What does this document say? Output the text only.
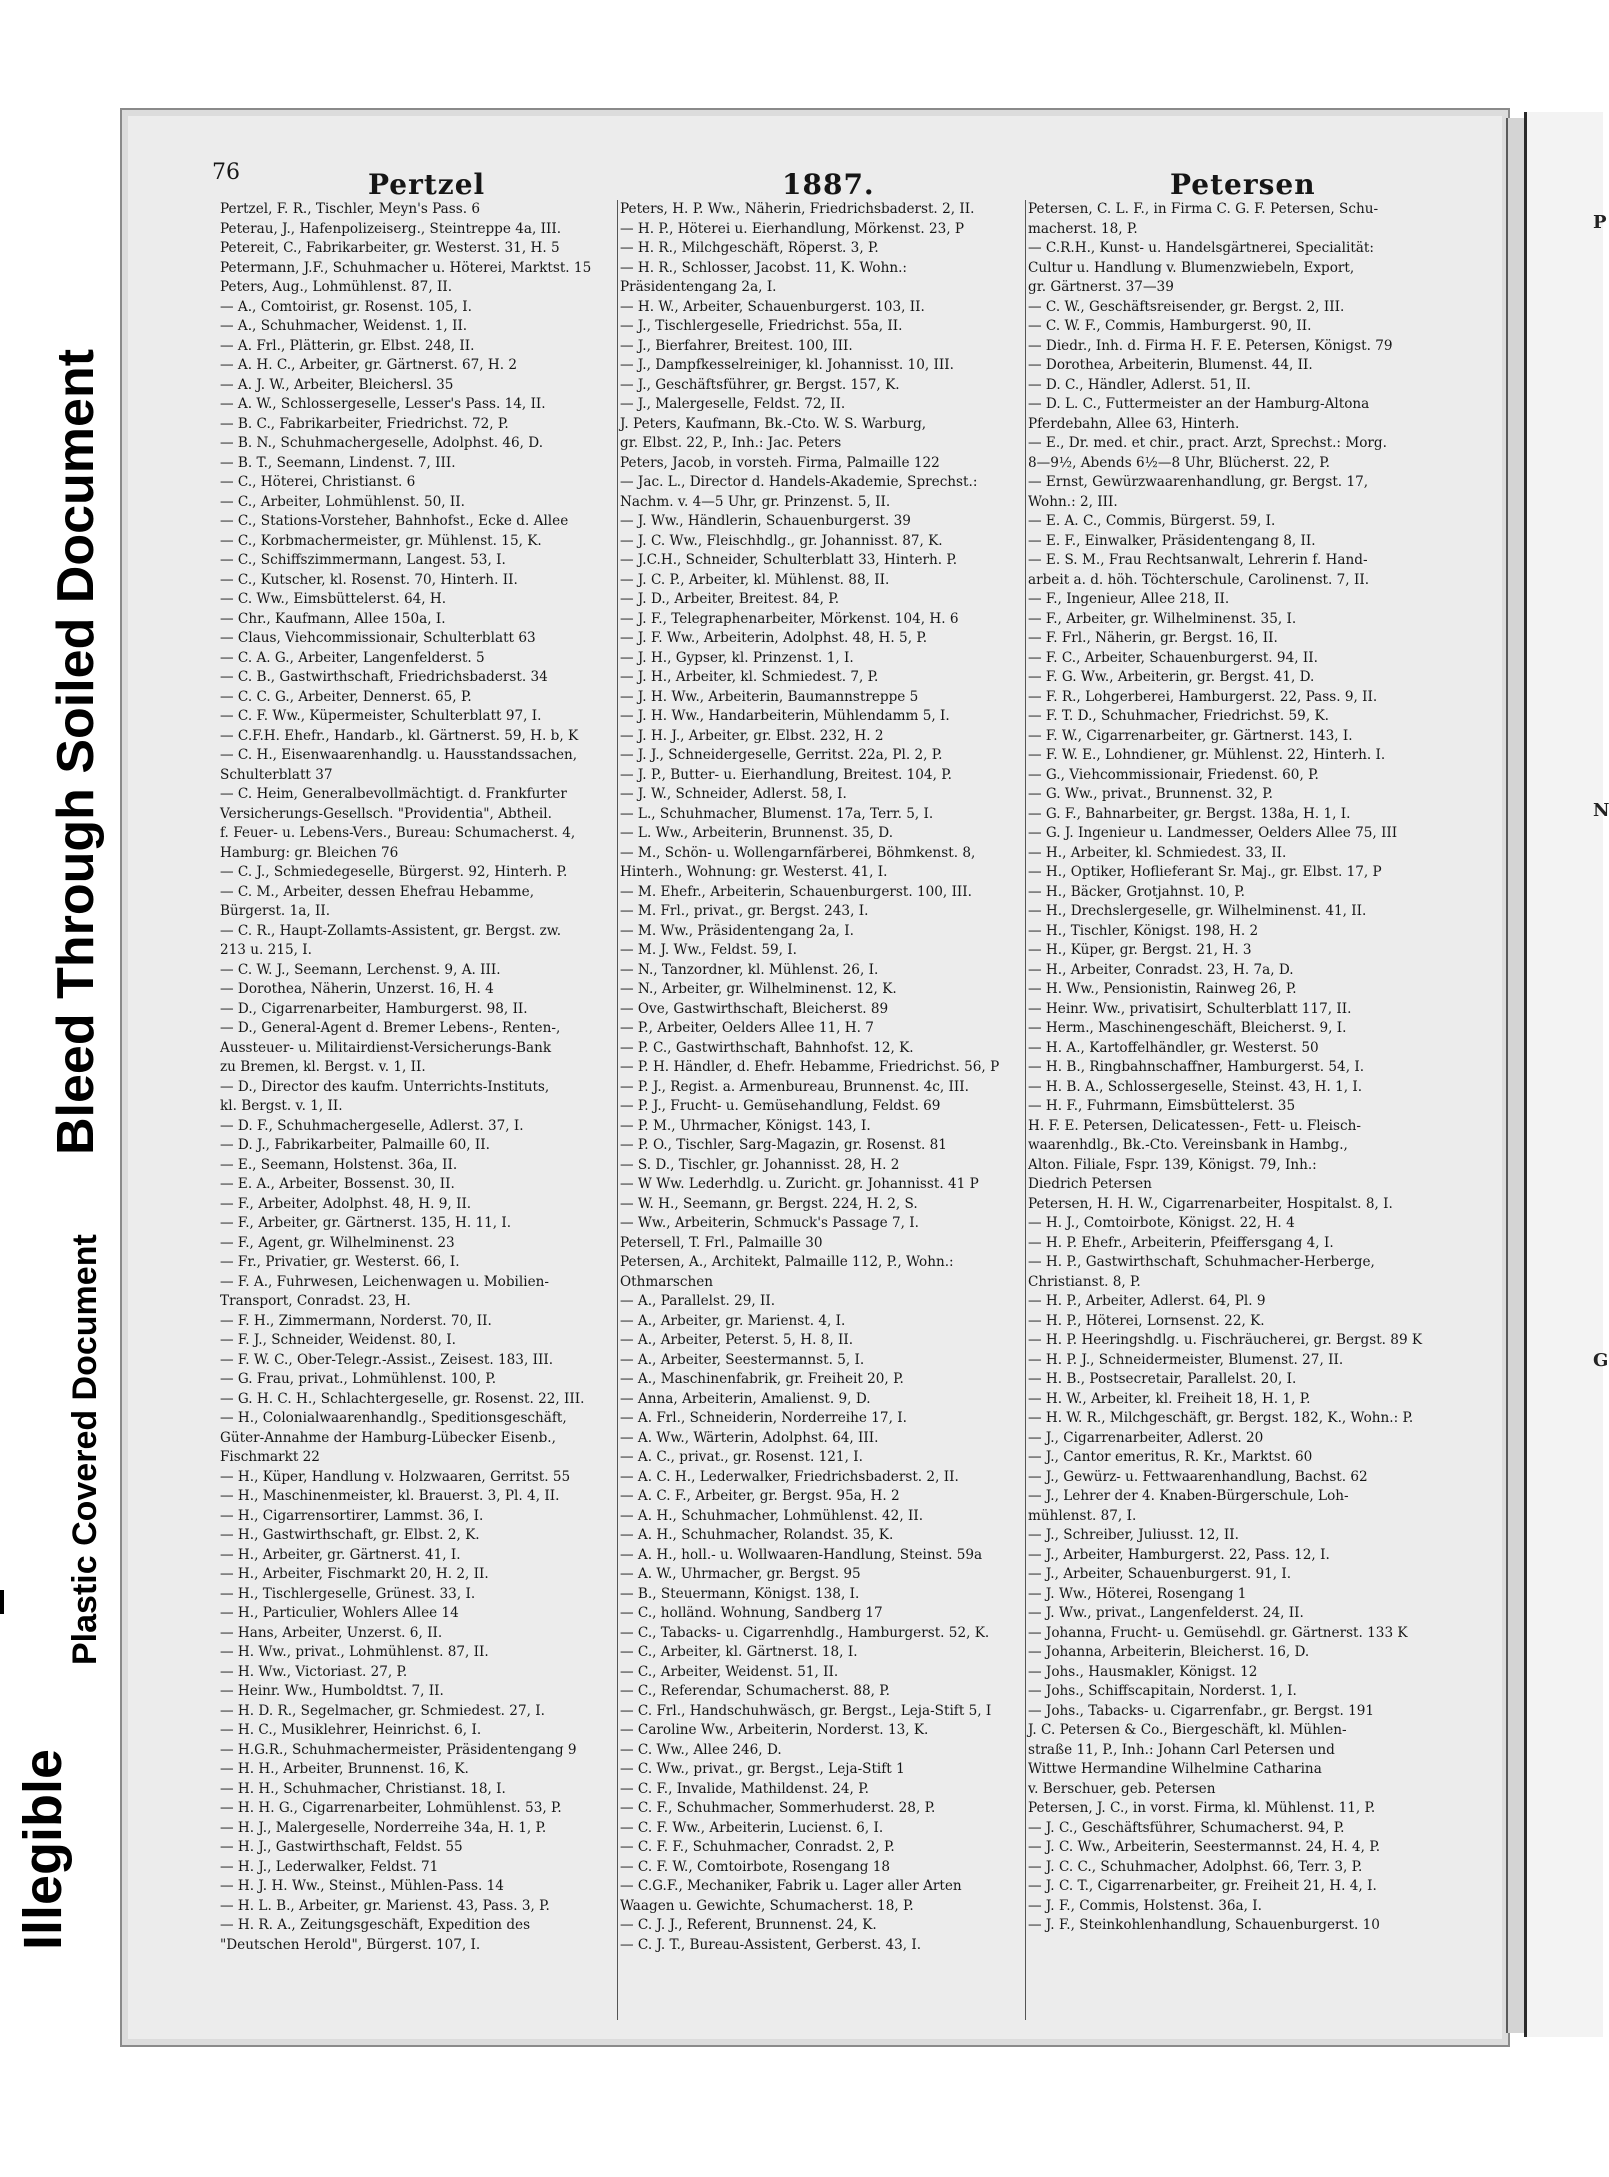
Illegible
Plastic Covered Document
Bleed Through Soiled Document
P
N
G
76	Pertzel	1887.	Petersen
Pertzel, F. R., Tischler, Meyn's Pass. 6
Peterau, J., Hafenpolizeiserg., Steintreppe 4a, III.
Petereit, C., Fabrikarbeiter, gr. Westerst. 31, H. 5
Petermann, J.F., Schuhmacher u. Höterei, Marktst. 15
Peters, Aug., Lohmühlenst. 87, II.
— A., Comtoirist, gr. Rosenst. 105, I.
— A., Schuhmacher, Weidenst. 1, II.
— A. Frl., Plätterin, gr. Elbst. 248, II.
— A. H. C., Arbeiter, gr. Gärtnerst. 67, H. 2
— A. J. W., Arbeiter, Bleichersl. 35
— A. W., Schlossergeselle, Lesser's Pass. 14, II.
— B. C., Fabrikarbeiter, Friedrichst. 72, P.
— B. N., Schuhmachergeselle, Adolphst. 46, D.
— B. T., Seemann, Lindenst. 7, III.
— C., Höterei, Christianst. 6
— C., Arbeiter, Lohmühlenst. 50, II.
— C., Stations-Vorsteher, Bahnhofst., Ecke d. Allee
— C., Korbmachermeister, gr. Mühlenst. 15, K.
— C., Schiffszimmermann, Langest. 53, I.
— C., Kutscher, kl. Rosenst. 70, Hinterh. II.
— C. Ww., Eimsbüttelerst. 64, H.
— Chr., Kaufmann, Allee 150a, I.
— Claus, Viehcommissionair, Schulterblatt 63
— C. A. G., Arbeiter, Langenfelderst. 5
— C. B., Gastwirthschaft, Friedrichsbaderst. 34
— C. C. G., Arbeiter, Dennerst. 65, P.
— C. F. Ww., Küpermeister, Schulterblatt 97, I.
— C.F.H. Ehefr., Handarb., kl. Gärtnerst. 59, H. b, K
— C. H., Eisenwaarenhandlg. u. Hausstandssachen,
Schulterblatt 37
— C. Heim, Generalbevollmächtigt. d. Frankfurter
Versicherungs-Gesellsch. "Providentia", Abtheil.
f. Feuer- u. Lebens-Vers., Bureau: Schumacherst. 4,
Hamburg: gr. Bleichen 76
— C. J., Schmiedegeselle, Bürgerst. 92, Hinterh. P.
— C. M., Arbeiter, dessen Ehefrau Hebamme,
Bürgerst. 1a, II.
— C. R., Haupt-Zollamts-Assistent, gr. Bergst. zw.
213 u. 215, I.
— C. W. J., Seemann, Lerchenst. 9, A. III.
— Dorothea, Näherin, Unzerst. 16, H. 4
— D., Cigarrenarbeiter, Hamburgerst. 98, II.
— D., General-Agent d. Bremer Lebens-, Renten-,
Aussteuer- u. Militairdienst-Versicherungs-Bank
zu Bremen, kl. Bergst. v. 1, II.
— D., Director des kaufm. Unterrichts-Instituts,
kl. Bergst. v. 1, II.
— D. F., Schuhmachergeselle, Adlerst. 37, I.
— D. J., Fabrikarbeiter, Palmaille 60, II.
— E., Seemann, Holstenst. 36a, II.
— E. A., Arbeiter, Bossenst. 30, II.
— F., Arbeiter, Adolphst. 48, H. 9, II.
— F., Arbeiter, gr. Gärtnerst. 135, H. 11, I.
— F., Agent, gr. Wilhelminenst. 23
— Fr., Privatier, gr. Westerst. 66, I.
— F. A., Fuhrwesen, Leichenwagen u. Mobilien-
Transport, Conradst. 23, H.
— F. H., Zimmermann, Norderst. 70, II.
— F. J., Schneider, Weidenst. 80, I.
— F. W. C., Ober-Telegr.-Assist., Zeisest. 183, III.
— G. Frau, privat., Lohmühlenst. 100, P.
— G. H. C. H., Schlachtergeselle, gr. Rosenst. 22, III.
— H., Colonialwaarenhandlg., Speditionsgeschäft,
Güter-Annahme der Hamburg-Lübecker Eisenb.,
Fischmarkt 22
— H., Küper, Handlung v. Holzwaaren, Gerritst. 55
— H., Maschinenmeister, kl. Brauerst. 3, Pl. 4, II.
— H., Cigarrensortirer, Lammst. 36, I.
— H., Gastwirthschaft, gr. Elbst. 2, K.
— H., Arbeiter, gr. Gärtnerst. 41, I.
— H., Arbeiter, Fischmarkt 20, H. 2, II.
— H., Tischlergeselle, Grünest. 33, I.
— H., Particulier, Wohlers Allee 14
— Hans, Arbeiter, Unzerst. 6, II.
— H. Ww., privat., Lohmühlenst. 87, II.
— H. Ww., Victoriast. 27, P.
— Heinr. Ww., Humboldtst. 7, II.
— H. D. R., Segelmacher, gr. Schmiedest. 27, I.
— H. C., Musiklehrer, Heinrichst. 6, I.
— H.G.R., Schuhmachermeister, Präsidentengang 9
— H. H., Arbeiter, Brunnenst. 16, K.
— H. H., Schuhmacher, Christianst. 18, I.
— H. H. G., Cigarrenarbeiter, Lohmühlenst. 53, P.
— H. J., Malergeselle, Norderreihe 34a, H. 1, P.
— H. J., Gastwirthschaft, Feldst. 55
— H. J., Lederwalker, Feldst. 71
— H. J. H. Ww., Steinst., Mühlen-Pass. 14
— H. L. B., Arbeiter, gr. Marienst. 43, Pass. 3, P.
— H. R. A., Zeitungsgeschäft, Expedition des
"Deutschen Herold", Bürgerst. 107, I.
Peters, H. P. Ww., Näherin, Friedrichsbaderst. 2, II.
— H. P., Höterei u. Eierhandlung, Mörkenst. 23, P
— H. R., Milchgeschäft, Röperst. 3, P.
— H. R., Schlosser, Jacobst. 11, K. Wohn.:
Präsidentengang 2a, I.
— H. W., Arbeiter, Schauenburgerst. 103, II.
— J., Tischlergeselle, Friedrichst. 55a, II.
— J., Bierfahrer, Breitest. 100, III.
— J., Dampfkesselreiniger, kl. Johannisst. 10, III.
— J., Geschäftsführer, gr. Bergst. 157, K.
— J., Malergeselle, Feldst. 72, II.
J. Peters, Kaufmann, Bk.-Cto. W. S. Warburg,
gr. Elbst. 22, P., Inh.: Jac. Peters
Peters, Jacob, in vorsteh. Firma, Palmaille 122
— Jac. L., Director d. Handels-Akademie, Sprechst.:
Nachm. v. 4—5 Uhr, gr. Prinzenst. 5, II.
— J. Ww., Händlerin, Schauenburgerst. 39
— J. C. Ww., Fleischhdlg., gr. Johannisst. 87, K.
— J.C.H., Schneider, Schulterblatt 33, Hinterh. P.
— J. C. P., Arbeiter, kl. Mühlenst. 88, II.
— J. D., Arbeiter, Breitest. 84, P.
— J. F., Telegraphenarbeiter, Mörkenst. 104, H. 6
— J. F. Ww., Arbeiterin, Adolphst. 48, H. 5, P.
— J. H., Gypser, kl. Prinzenst. 1, I.
— J. H., Arbeiter, kl. Schmiedest. 7, P.
— J. H. Ww., Arbeiterin, Baumannstreppe 5
— J. H. Ww., Handarbeiterin, Mühlendamm 5, I.
— J. H. J., Arbeiter, gr. Elbst. 232, H. 2
— J. J., Schneidergeselle, Gerritst. 22a, Pl. 2, P.
— J. P., Butter- u. Eierhandlung, Breitest. 104, P.
— J. W., Schneider, Adlerst. 58, I.
— L., Schuhmacher, Blumenst. 17a, Terr. 5, I.
— L. Ww., Arbeiterin, Brunnenst. 35, D.
— M., Schön- u. Wollengarnfärberei, Böhmkenst. 8,
Hinterh., Wohnung: gr. Westerst. 41, I.
— M. Ehefr., Arbeiterin, Schauenburgerst. 100, III.
— M. Frl., privat., gr. Bergst. 243, I.
— M. Ww., Präsidentengang 2a, I.
— M. J. Ww., Feldst. 59, I.
— N., Tanzordner, kl. Mühlenst. 26, I.
— N., Arbeiter, gr. Wilhelminenst. 12, K.
— Ove, Gastwirthschaft, Bleicherst. 89
— P., Arbeiter, Oelders Allee 11, H. 7
— P. C., Gastwirthschaft, Bahnhofst. 12, K.
— P. H. Händler, d. Ehefr. Hebamme, Friedrichst. 56, P
— P. J., Regist. a. Armenbureau, Brunnenst. 4c, III.
— P. J., Frucht- u. Gemüsehandlung, Feldst. 69
— P. M., Uhrmacher, Königst. 143, I.
— P. O., Tischler, Sarg-Magazin, gr. Rosenst. 81
— S. D., Tischler, gr. Johannisst. 28, H. 2
— W Ww. Lederhdlg. u. Zuricht. gr. Johannisst. 41 P
— W. H., Seemann, gr. Bergst. 224, H. 2, S.
— Ww., Arbeiterin, Schmuck's Passage 7, I.
Petersell, T. Frl., Palmaille 30
Petersen, A., Architekt, Palmaille 112, P., Wohn.:
Othmarschen
— A., Parallelst. 29, II.
— A., Arbeiter, gr. Marienst. 4, I.
— A., Arbeiter, Peterst. 5, H. 8, II.
— A., Arbeiter, Seestermannst. 5, I.
— A., Maschinenfabrik, gr. Freiheit 20, P.
— Anna, Arbeiterin, Amalienst. 9, D.
— A. Frl., Schneiderin, Norderreihe 17, I.
— A. Ww., Wärterin, Adolphst. 64, III.
— A. C., privat., gr. Rosenst. 121, I.
— A. C. H., Lederwalker, Friedrichsbaderst. 2, II.
— A. C. F., Arbeiter, gr. Bergst. 95a, H. 2
— A. H., Schuhmacher, Lohmühlenst. 42, II.
— A. H., Schuhmacher, Rolandst. 35, K.
— A. H., holl.- u. Wollwaaren-Handlung, Steinst. 59a
— A. W., Uhrmacher, gr. Bergst. 95
— B., Steuermann, Königst. 138, I.
— C., holländ. Wohnung, Sandberg 17
— C., Tabacks- u. Cigarrenhdlg., Hamburgerst. 52, K.
— C., Arbeiter, kl. Gärtnerst. 18, I.
— C., Arbeiter, Weidenst. 51, II.
— C., Referendar, Schumacherst. 88, P.
— C. Frl., Handschuhwäsch, gr. Bergst., Leja-Stift 5, I
— Caroline Ww., Arbeiterin, Norderst. 13, K.
— C. Ww., Allee 246, D.
— C. Ww., privat., gr. Bergst., Leja-Stift 1
— C. F., Invalide, Mathildenst. 24, P.
— C. F., Schuhmacher, Sommerhuderst. 28, P.
— C. F. Ww., Arbeiterin, Lucienst. 6, I.
— C. F. F., Schuhmacher, Conradst. 2, P.
— C. F. W., Comtoirbote, Rosengang 18
— C.G.F., Mechaniker, Fabrik u. Lager aller Arten
Waagen u. Gewichte, Schumacherst. 18, P.
— C. J. J., Referent, Brunnenst. 24, K.
— C. J. T., Bureau-Assistent, Gerberst. 43, I.
Petersen, C. L. F., in Firma C. G. F. Petersen, Schu-
macherst. 18, P.
— C.R.H., Kunst- u. Handelsgärtnerei, Specialität:
Cultur u. Handlung v. Blumenzwiebeln, Export,
gr. Gärtnerst. 37—39
— C. W., Geschäftsreisender, gr. Bergst. 2, III.
— C. W. F., Commis, Hamburgerst. 90, II.
— Diedr., Inh. d. Firma H. F. E. Petersen, Königst. 79
— Dorothea, Arbeiterin, Blumenst. 44, II.
— D. C., Händler, Adlerst. 51, II.
— D. L. C., Futtermeister an der Hamburg-Altona
Pferdebahn, Allee 63, Hinterh.
— E., Dr. med. et chir., pract. Arzt, Sprechst.: Morg.
8—9½, Abends 6½—8 Uhr, Blücherst. 22, P.
— Ernst, Gewürzwaarenhandlung, gr. Bergst. 17,
Wohn.: 2, III.
— E. A. C., Commis, Bürgerst. 59, I.
— E. F., Einwalker, Präsidentengang 8, II.
— E. S. M., Frau Rechtsanwalt, Lehrerin f. Hand-
arbeit a. d. höh. Töchterschule, Carolinenst. 7, II.
— F., Ingenieur, Allee 218, II.
— F., Arbeiter, gr. Wilhelminenst. 35, I.
— F. Frl., Näherin, gr. Bergst. 16, II.
— F. C., Arbeiter, Schauenburgerst. 94, II.
— F. G. Ww., Arbeiterin, gr. Bergst. 41, D.
— F. R., Lohgerberei, Hamburgerst. 22, Pass. 9, II.
— F. T. D., Schuhmacher, Friedrichst. 59, K.
— F. W., Cigarrenarbeiter, gr. Gärtnerst. 143, I.
— F. W. E., Lohndiener, gr. Mühlenst. 22, Hinterh. I.
— G., Viehcommissionair, Friedenst. 60, P.
— G. Ww., privat., Brunnenst. 32, P.
— G. F., Bahnarbeiter, gr. Bergst. 138a, H. 1, I.
— G. J. Ingenieur u. Landmesser, Oelders Allee 75, III
— H., Arbeiter, kl. Schmiedest. 33, II.
— H., Optiker, Hoflieferant Sr. Maj., gr. Elbst. 17, P
— H., Bäcker, Grotjahnst. 10, P.
— H., Drechslergeselle, gr. Wilhelminenst. 41, II.
— H., Tischler, Königst. 198, H. 2
— H., Küper, gr. Bergst. 21, H. 3
— H., Arbeiter, Conradst. 23, H. 7a, D.
— H. Ww., Pensionistin, Rainweg 26, P.
— Heinr. Ww., privatisirt, Schulterblatt 117, II.
— Herm., Maschinengeschäft, Bleicherst. 9, I.
— H. A., Kartoffelhändler, gr. Westerst. 50
— H. B., Ringbahnschaffner, Hamburgerst. 54, I.
— H. B. A., Schlossergeselle, Steinst. 43, H. 1, I.
— H. F., Fuhrmann, Eimsbüttelerst. 35
H. F. E. Petersen, Delicatessen-, Fett- u. Fleisch-
waarenhdlg., Bk.-Cto. Vereinsbank in Hambg.,
Alton. Filiale, Fspr. 139, Königst. 79, Inh.:
Diedrich Petersen
Petersen, H. H. W., Cigarrenarbeiter, Hospitalst. 8, I.
— H. J., Comtoirbote, Königst. 22, H. 4
— H. P. Ehefr., Arbeiterin, Pfeiffersgang 4, I.
— H. P., Gastwirthschaft, Schuhmacher-Herberge,
Christianst. 8, P.
— H. P., Arbeiter, Adlerst. 64, Pl. 9
— H. P., Höterei, Lornsenst. 22, K.
— H. P. Heeringshdlg. u. Fischräucherei, gr. Bergst. 89 K
— H. P. J., Schneidermeister, Blumenst. 27, II.
— H. B., Postsecretair, Parallelst. 20, I.
— H. W., Arbeiter, kl. Freiheit 18, H. 1, P.
— H. W. R., Milchgeschäft, gr. Bergst. 182, K., Wohn.: P.
— J., Cigarrenarbeiter, Adlerst. 20
— J., Cantor emeritus, R. Kr., Marktst. 60
— J., Gewürz- u. Fettwaarenhandlung, Bachst. 62
— J., Lehrer der 4. Knaben-Bürgerschule, Loh-
mühlenst. 87, I.
— J., Schreiber, Juliusst. 12, II.
— J., Arbeiter, Hamburgerst. 22, Pass. 12, I.
— J., Arbeiter, Schauenburgerst. 91, I.
— J. Ww., Höterei, Rosengang 1
— J. Ww., privat., Langenfelderst. 24, II.
— Johanna, Frucht- u. Gemüsehdl. gr. Gärtnerst. 133 K
— Johanna, Arbeiterin, Bleicherst. 16, D.
— Johs., Hausmakler, Königst. 12
— Johs., Schiffscapitain, Norderst. 1, I.
— Johs., Tabacks- u. Cigarrenfabr., gr. Bergst. 191
J. C. Petersen & Co., Biergeschäft, kl. Mühlen-
straße 11, P., Inh.: Johann Carl Petersen und
Wittwe Hermandine Wilhelmine Catharina
v. Berschuer, geb. Petersen
Petersen, J. C., in vorst. Firma, kl. Mühlenst. 11, P.
— J. C., Geschäftsführer, Schumacherst. 94, P.
— J. C. Ww., Arbeiterin, Seestermannst. 24, H. 4, P.
— J. C. C., Schuhmacher, Adolphst. 66, Terr. 3, P.
— J. C. T., Cigarrenarbeiter, gr. Freiheit 21, H. 4, I.
— J. F., Commis, Holstenst. 36a, I.
— J. F., Steinkohlenhandlung, Schauenburgerst. 10
